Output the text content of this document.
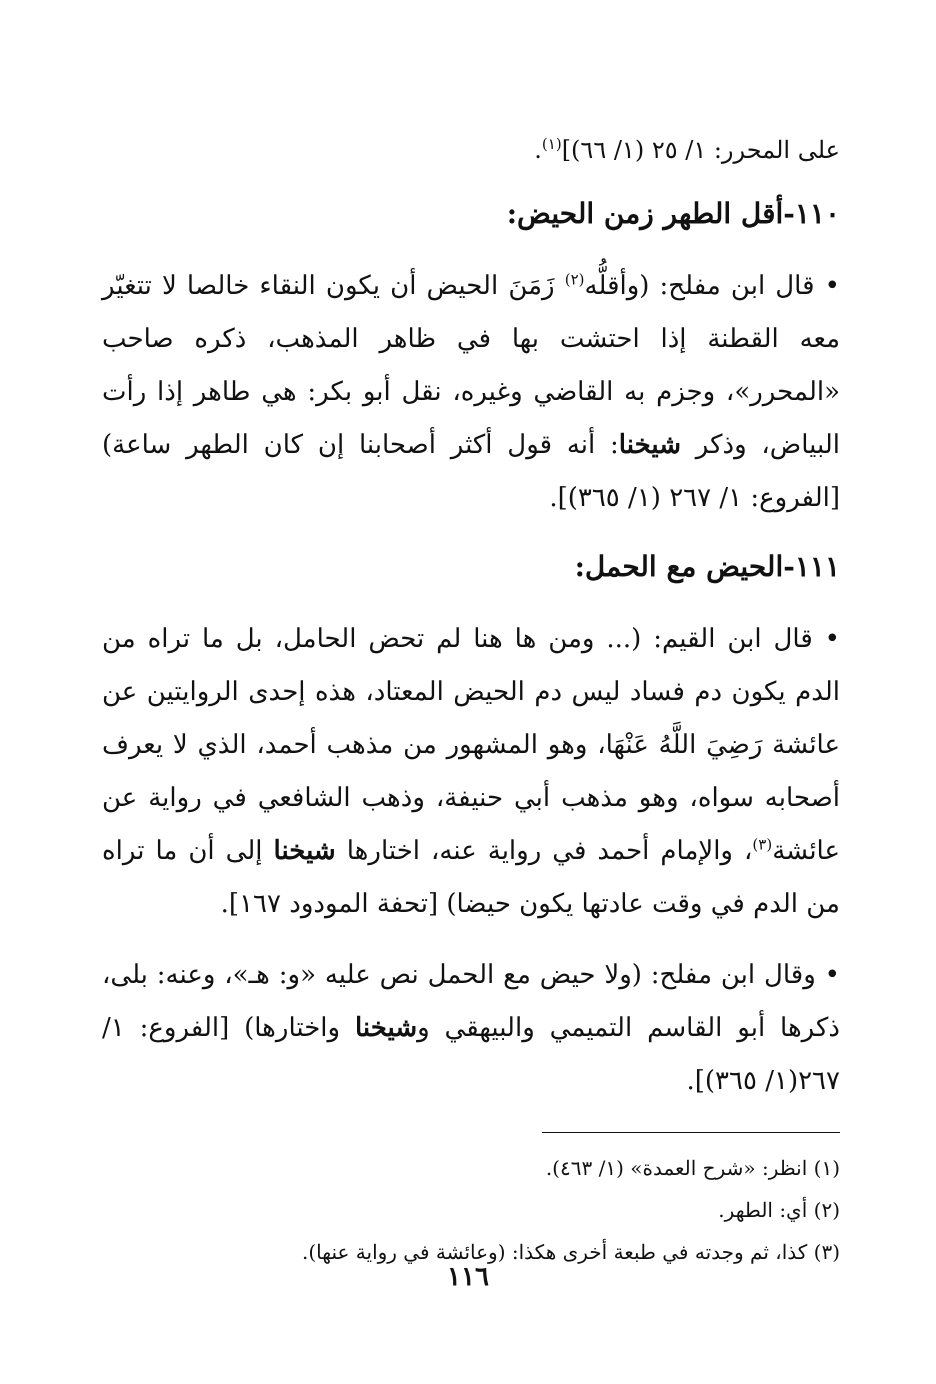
على المحرر: ١/ ٢٥ (١/ ٦٦)]$^{(١)}$.

١١٠-أقل الطهر زمن الحيض:

• قال ابن مفلح: (وأقلُّه$^{(٢)}$ زَمَنَ الحيض أن يكون النقاء خالصا لا تتغيّر معه القطنة إذا احتشت بها في ظاهر المذهب، ذكره صاحب «المحرر»، وجزم به القاضي وغيره، نقل أبو بكر: هي طاهر إذا رأت البياض، وذكر شيخنا: أنه قول أكثر أصحابنا إن كان الطهر ساعة) [الفروع: ١/ ٢٦٧ (١/ ٣٦٥)].

١١١-الحيض مع الحمل:

• قال ابن القيم: (... ومن ها هنا لم تحض الحامل، بل ما تراه من الدم يكون دم فساد ليس دم الحيض المعتاد، هذه إحدى الروايتين عن عائشة رَضِيَ اللَّهُ عَنْهَا، وهو المشهور من مذهب أحمد، الذي لا يعرف أصحابه سواه، وهو مذهب أبي حنيفة، وذهب الشافعي في رواية عن عائشة$^{(٣)}$، والإمام أحمد في رواية عنه، اختارها شيخنا إلى أن ما تراه من الدم في وقت عادتها يكون حيضا) [تحفة المودود ١٦٧].

• وقال ابن مفلح: (ولا حيض مع الحمل نص عليه «و: هـ»، وعنه: بلى، ذكرها أبو القاسم التميمي والبيهقي وشيخنا واختارها) [الفروع: ١/ ٢٦٧(١/ ٣٦٥)].

(١) انظر: «شرح العمدة» (١/ ٤٦٣).

(٢) أي: الطهر.

(٣) كذا، ثم وجدته في طبعة أخرى هكذا: (وعائشة في رواية عنها).

١١٦
